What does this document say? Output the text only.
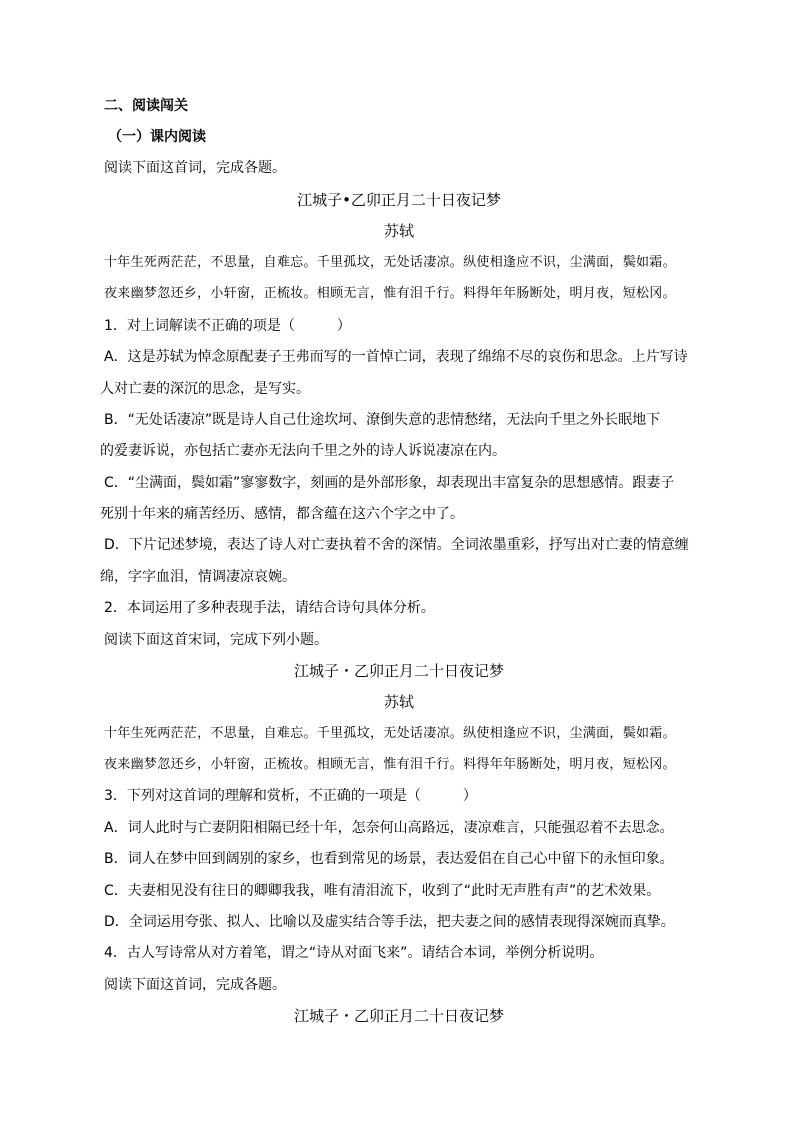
二、阅读闯关
（一）课内阅读
阅读下面这首词，完成各题。
江城子•乙卯正月二十日夜记梦
苏轼
十年生死两茫茫，不思量，自难忘。千里孤坟，无处话凄凉。纵使相逢应不识，尘满面，鬓如霜。
夜来幽梦忽还乡，小轩窗，正梳妆。相顾无言，惟有泪千行。料得年年肠断处，明月夜，短松冈。
1．对上词解读不正确的项是（　　　）
A．这是苏轼为悼念原配妻子王弗而写的一首悼亡词，表现了绵绵不尽的哀伤和思念。上片写诗
人对亡妻的深沉的思念，是写实。
B．“无处话凄凉”既是诗人自己仕途坎坷、潦倒失意的悲情愁绪，无法向千里之外长眠地下
的爱妻诉说，亦包括亡妻亦无法向千里之外的诗人诉说凄凉在内。
C．“尘满面，鬓如霜”寥寥数字，刻画的是外部形象，却表现出丰富复杂的思想感情。跟妻子
死别十年来的痛苦经历、感情，都含蕴在这六个字之中了。
D．下片记述梦境，表达了诗人对亡妻执着不舍的深情。全词浓墨重彩，抒写出对亡妻的情意缠
绵，字字血泪，情调凄凉哀婉。
2．本词运用了多种表现手法，请结合诗句具体分析。
阅读下面这首宋词，完成下列小题。
江城子・乙卯正月二十日夜记梦
苏轼
十年生死两茫茫，不思量，自难忘。千里孤坟，无处话凄凉。纵使相逢应不识，尘满面，鬓如霜。
夜来幽梦忽还乡，小轩窗，正梳妆。相顾无言，惟有泪千行。料得年年肠断处，明月夜，短松冈。
3．下列对这首词的理解和赏析，不正确的一项是（　　　）
A．词人此时与亡妻阴阳相隔已经十年，怎奈何山高路远，凄凉难言，只能强忍着不去思念。
B．词人在梦中回到阔别的家乡，也看到常见的场景，表达爱侣在自己心中留下的永恒印象。
C．夫妻相见没有往日的卿卿我我，唯有清泪流下，收到了“此时无声胜有声”的艺术效果。
D．全词运用夸张、拟人、比喻以及虚实结合等手法，把夫妻之间的感情表现得深婉而真挚。
4．古人写诗常从对方着笔，谓之“诗从对面飞来”。请结合本词，举例分析说明。
阅读下面这首词，完成各题。
江城子・乙卯正月二十日夜记梦
